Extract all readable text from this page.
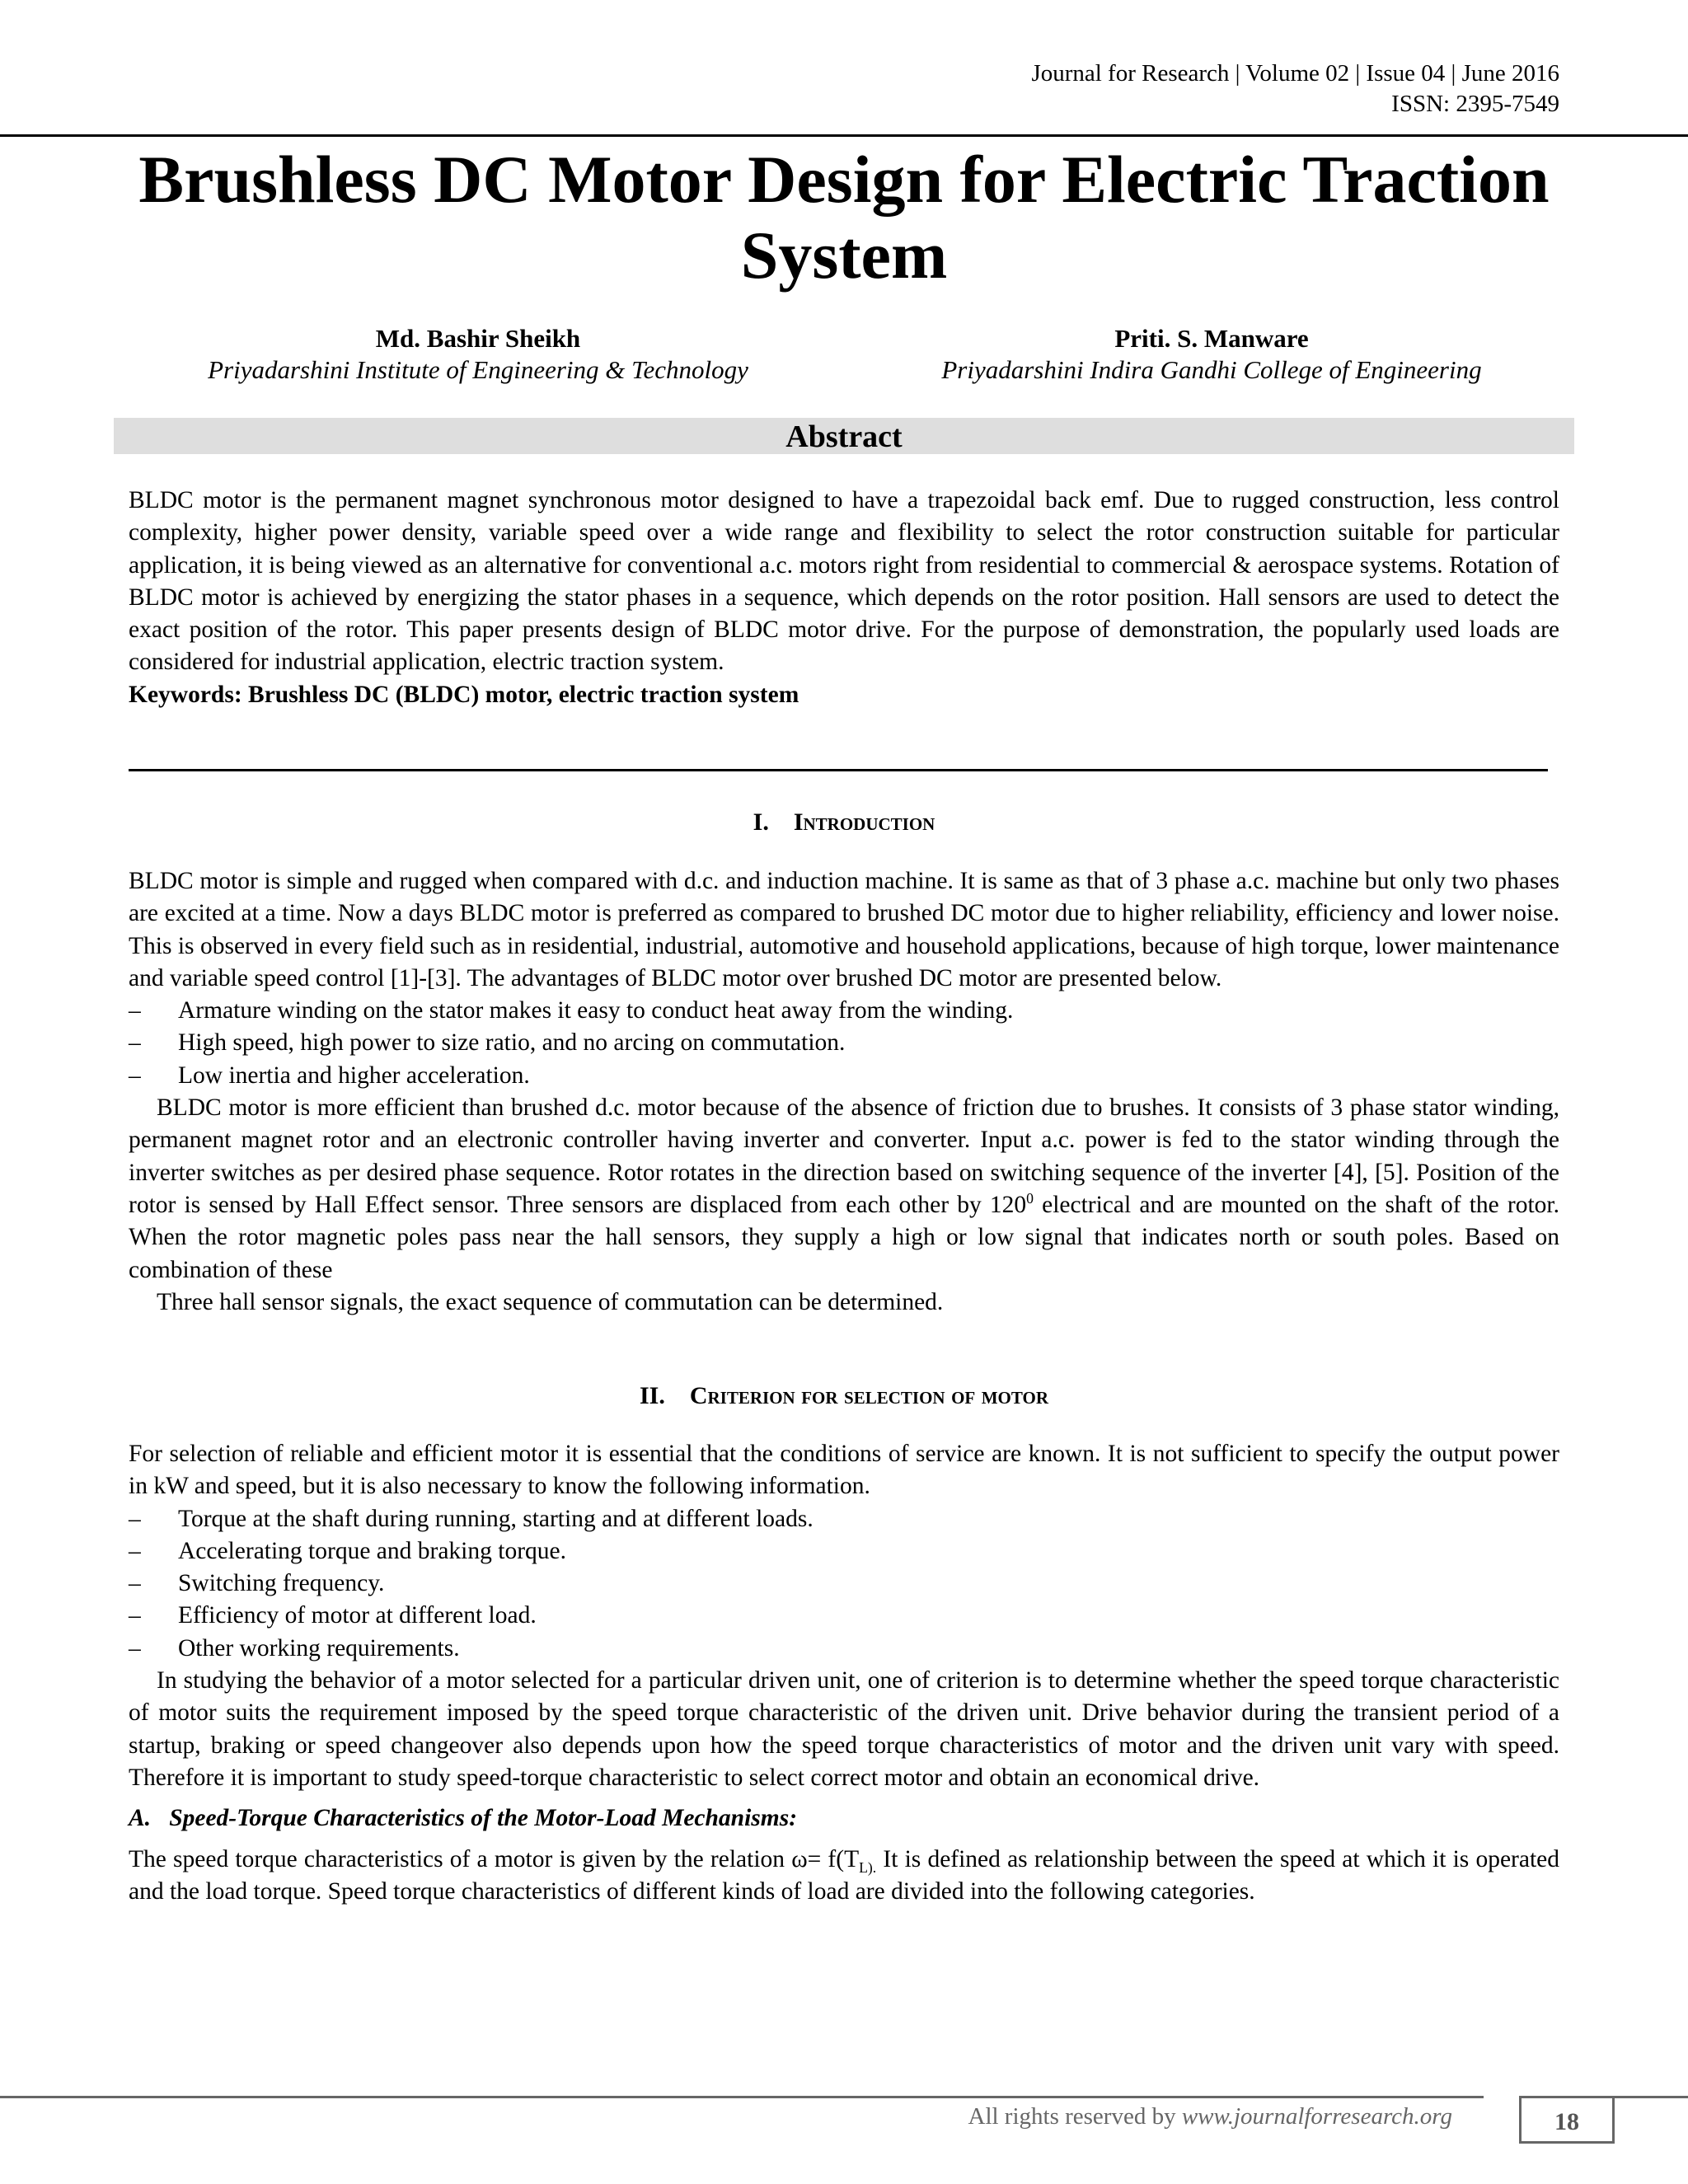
Journal for Research | Volume 02 | Issue 04 | June 2016
ISSN: 2395-7549
Brushless DC Motor Design for Electric Traction
System
Md. Bashir Sheikh
Priyadarshini Institute of Engineering & Technology
Priti. S. Manware
Priyadarshini Indira Gandhi College of Engineering
Abstract

BLDC motor is the permanent magnet synchronous motor designed to have a trapezoidal back emf. Due to rugged construction, less control complexity, higher power density, variable speed over a wide range and flexibility to select the rotor construction suitable for particular application, it is being viewed as an alternative for conventional a.c. motors right from residential to commercial & aerospace systems. Rotation of BLDC motor is achieved by energizing the stator phases in a sequence, which depends on the rotor position. Hall sensors are used to detect the exact position of the rotor. This paper presents design of BLDC motor drive. For the purpose of demonstration, the popularly used loads are considered for industrial application, electric traction system.

Keywords: Brushless DC (BLDC) motor, electric traction system

I. Introduction

BLDC motor is simple and rugged when compared with d.c. and induction machine. It is same as that of 3 phase a.c. machine but only two phases are excited at a time. Now a days BLDC motor is preferred as compared to brushed DC motor due to higher reliability, efficiency and lower noise. This is observed in every field such as in residential, industrial, automotive and household applications, because of high torque, lower maintenance and variable speed control [1]-[3]. The advantages of BLDC motor over brushed DC motor are presented below.

– Armature winding on the stator makes it easy to conduct heat away from the winding.
– High speed, high power to size ratio, and no arcing on commutation.
– Low inertia and higher acceleration.

BLDC motor is more efficient than brushed d.c. motor because of the absence of friction due to brushes. It consists of 3 phase stator winding, permanent magnet rotor and an electronic controller having inverter and converter. Input a.c. power is fed to the stator winding through the inverter switches as per desired phase sequence. Rotor rotates in the direction based on switching sequence of the inverter [4], [5]. Position of the rotor is sensed by Hall Effect sensor. Three sensors are displaced from each other by $120^0$ electrical and are mounted on the shaft of the rotor. When the rotor magnetic poles pass near the hall sensors, they supply a high or low signal that indicates north or south poles. Based on combination of these

Three hall sensor signals, the exact sequence of commutation can be determined.

II. Criterion for selection of motor

For selection of reliable and efficient motor it is essential that the conditions of service are known. It is not sufficient to specify the output power in kW and speed, but it is also necessary to know the following information.

– Torque at the shaft during running, starting and at different loads.
– Accelerating torque and braking torque.
– Switching frequency.
– Efficiency of motor at different load.
– Other working requirements.

In studying the behavior of a motor selected for a particular driven unit, one of criterion is to determine whether the speed torque characteristic of motor suits the requirement imposed by the speed torque characteristic of the driven unit. Drive behavior during the transient period of a startup, braking or speed changeover also depends upon how the speed torque characteristics of motor and the driven unit vary with speed. Therefore it is important to study speed-torque characteristic to select correct motor and obtain an economical drive.

A. Speed-Torque Characteristics of the Motor-Load Mechanisms:

The speed torque characteristics of a motor is given by the relation $\omega= f(T_{L).}$ It is defined as relationship between the speed at which it is operated and the load torque. Speed torque characteristics of different kinds of load are divided into the following categories.

All rights reserved by www.journalforresearch.org	18
